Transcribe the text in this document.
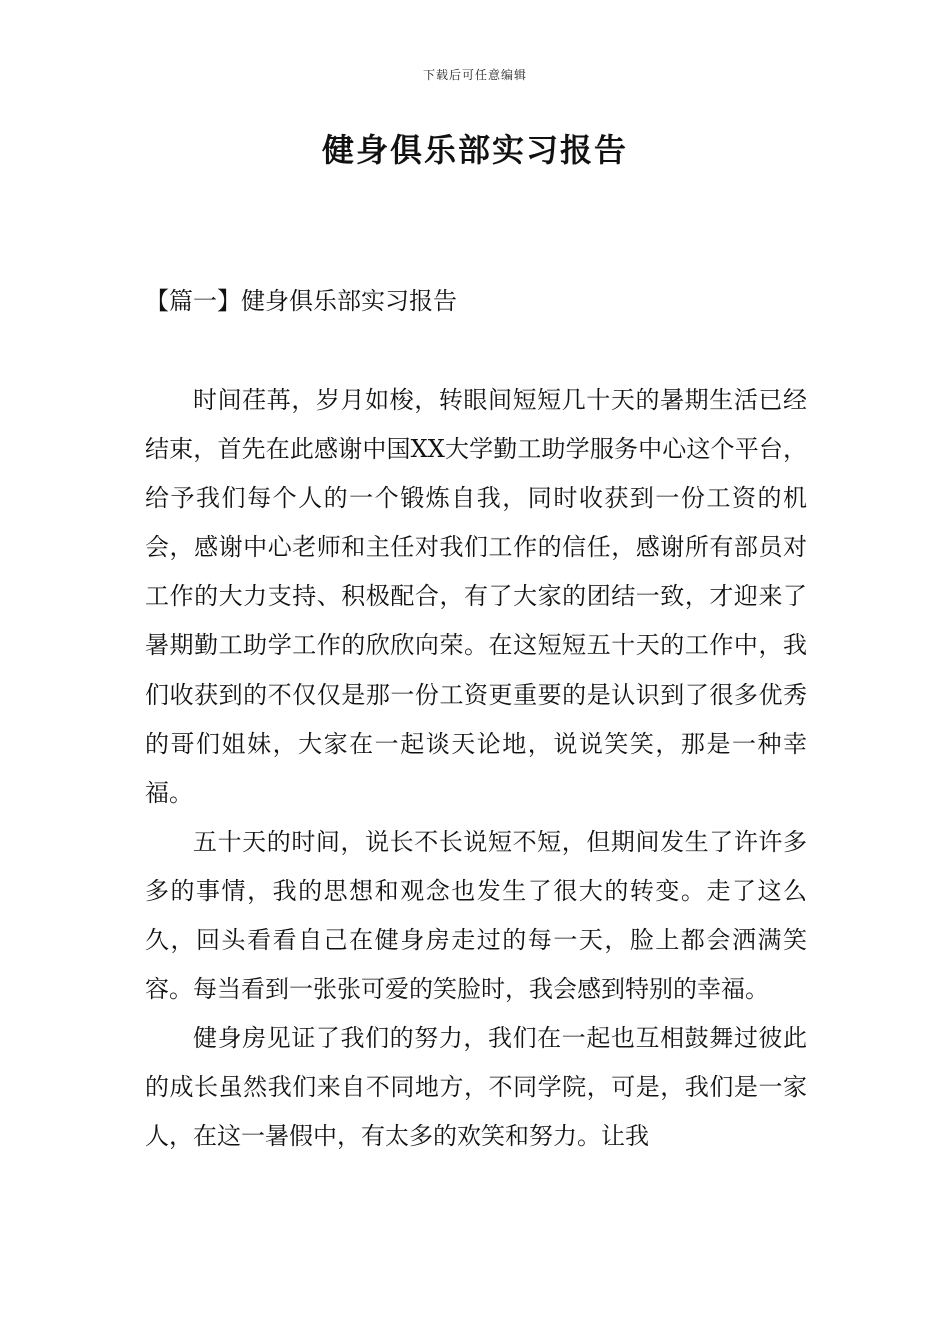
下载后可任意编辑
健身俱乐部实习报告
【篇一】健身俱乐部实习报告

时间荏苒，岁月如梭，转眼间短短几十天的暑期生活已经结束，首先在此感谢中国XX大学勤工助学服务中心这个平台，给予我们每个人的一个锻炼自我，同时收获到一份工资的机会，感谢中心老师和主任对我们工作的信任，感谢所有部员对工作的大力支持、积极配合，有了大家的团结一致，才迎来了暑期勤工助学工作的欣欣向荣。在这短短五十天的工作中，我们收获到的不仅仅是那一份工资更重要的是认识到了很多优秀的哥们姐妹，大家在一起谈天论地，说说笑笑，那是一种幸福。

五十天的时间，说长不长说短不短，但期间发生了许许多多的事情，我的思想和观念也发生了很大的转变。走了这么久，回头看看自己在健身房走过的每一天，脸上都会洒满笑容。每当看到一张张可爱的笑脸时，我会感到特别的幸福。

健身房见证了我们的努力，我们在一起也互相鼓舞过彼此的成长虽然我们来自不同地方，不同学院，可是，我们是一家人，在这一暑假中，有太多的欢笑和努力。让我
